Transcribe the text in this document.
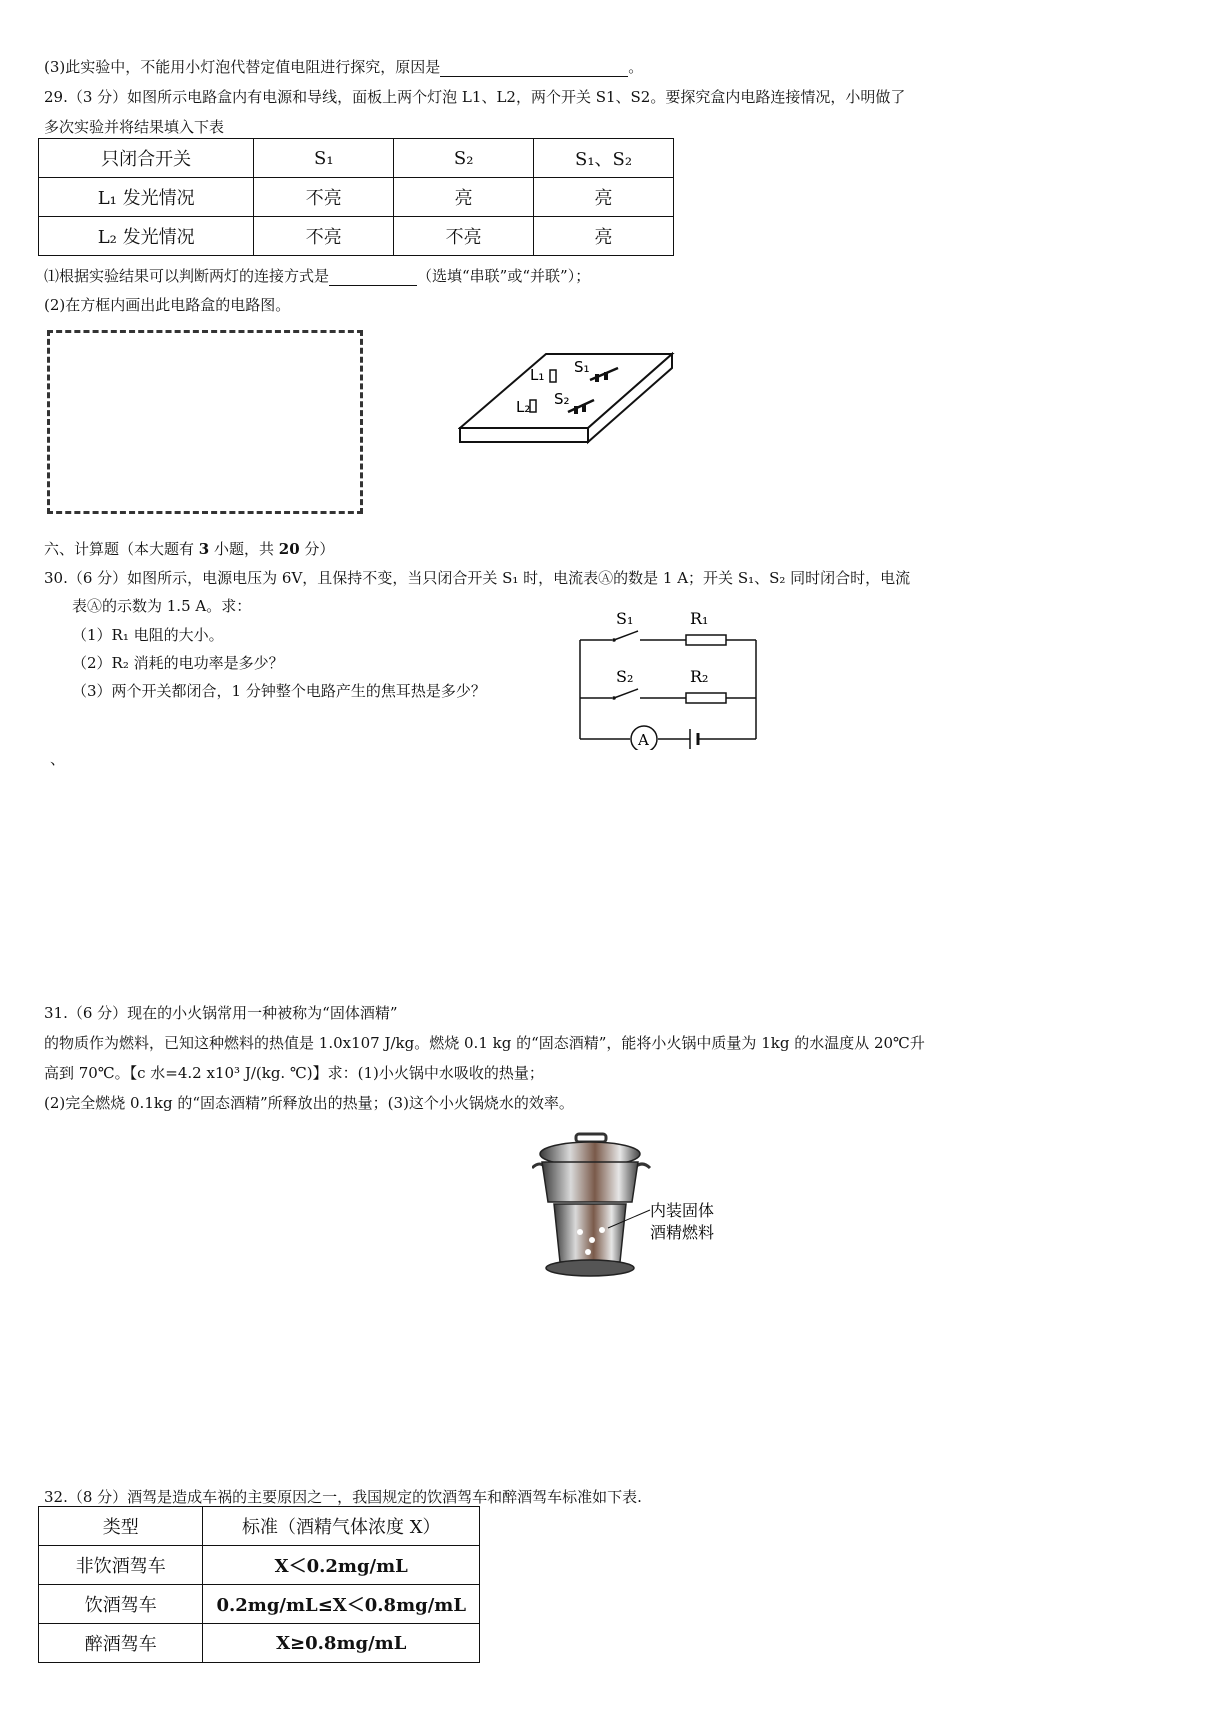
(3)此实验中，不能用小灯泡代替定值电阻进行探究，原因是	。
29.（3 分）如图所示电路盒内有电源和导线，面板上两个灯泡 L1、L2，两个开关 S1、S2。要探究盒内电路连接情况，小明做了
多次实验并将结果填入下表
只闭合开关	S₁	S₂	S₁、S₂
L₁ 发光情况	不亮	亮	亮
L₂ 发光情况	不亮	不亮	亮
⑴根据实验结果可以判断两灯的连接方式是	（选填“串联”或“并联”）；
(2)在方框内画出此电路盒的电路图。
L₁
L₂
S₁
S₂
六、计算题（本大题有 3 小题，共 20 分）
30.（6 分）如图所示，电源电压为 6V，且保持不变，当只闭合开关 S₁ 时，电流表Ⓐ的数是 1 A；开关 S₁、S₂ 同时闭合时，电流
表Ⓐ的示数为 1.5 A。求：
（1）R₁ 电阻的大小。
（2）R₂ 消耗的电功率是多少？
（3）两个开关都闭合，1 分钟整个电路产生的焦耳热是多少？
S₁	R₁
S₂	R₂
A
、
31.（6 分）现在的小火锅常用一种被称为“固体酒精”
的物质作为燃料，已知这种燃料的热值是 1.0x107 J/kg。燃烧 0.1 kg 的“固态酒精”，能将小火锅中质量为 1kg 的水温度从 20℃升
高到 70℃。【c 水=4.2 x10³ J/(kg. ℃)】求：(1)小火锅中水吸收的热量；
(2)完全燃烧 0.1kg 的“固态酒精”所释放出的热量；(3)这个小火锅烧水的效率。
内装固体
酒精燃料
32.（8 分）酒驾是造成车祸的主要原因之一，我国规定的饮酒驾车和醉酒驾车标准如下表.
类型	标准（酒精气体浓度 X）
非饮酒驾车	X＜0.2mg/mL
饮酒驾车	0.2mg/mL≤X＜0.8mg/mL
醉酒驾车	X≥0.8mg/mL
